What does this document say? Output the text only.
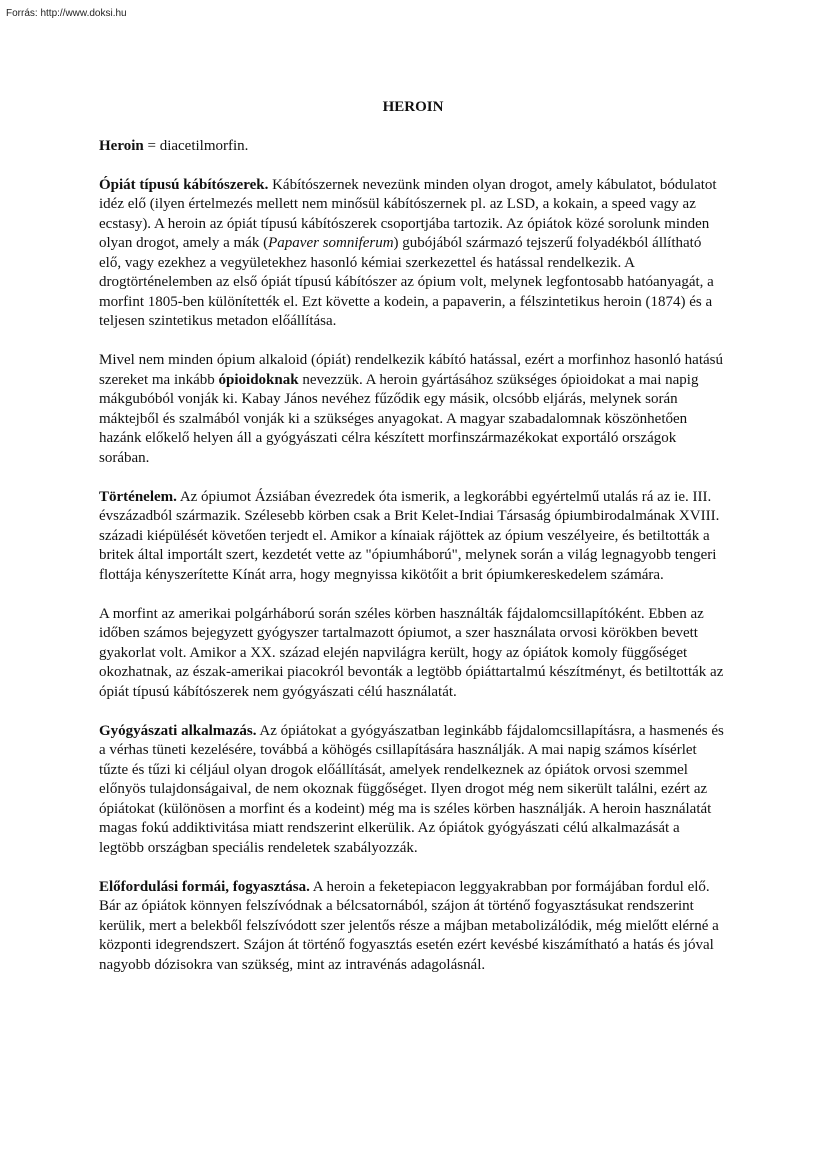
Forrás: http://www.doksi.hu
HEROIN

Heroin = diacetilmorfin.

Ópiát típusú kábítószerek. Kábítószernek nevezünk minden olyan drogot, amely kábulatot, bódulatot idéz elő (ilyen értelmezés mellett nem minősül kábítószernek pl. az LSD, a kokain, a speed vagy az ecstasy). A heroin az ópiát típusú kábítószerek csoportjába tartozik. Az ópiátok közé sorolunk minden olyan drogot, amely a mák (Papaver somniferum) gubójából származó tejszerű folyadékból állítható elő, vagy ezekhez a vegyületekhez hasonló kémiai szerkezettel és hatással rendelkezik. A drogtörténelemben az első ópiát típusú kábítószer az ópium volt, melynek legfontosabb hatóanyagát, a morfint 1805-ben különítették el. Ezt követte a kodein, a papaverin, a félszintetikus heroin (1874) és a teljesen szintetikus metadon előállítása.

Mivel nem minden ópium alkaloid (ópiát) rendelkezik kábító hatással, ezért a morfinhoz hasonló hatású szereket ma inkább ópioidoknak nevezzük. A heroin gyártásához szükséges ópioidokat a mai napig mákgubóból vonják ki. Kabay János nevéhez fűződik egy másik, olcsóbb eljárás, melynek során máktejből és szalmából vonják ki a szükséges anyagokat. A magyar szabadalomnak köszönhetően hazánk előkelő helyen áll a gyógyászati célra készített morfinszármazékokat exportáló országok sorában.

Történelem. Az ópiumot Ázsiában évezredek óta ismerik, a legkorábbi egyértelmű utalás rá az ie. III. évszázadból származik. Szélesebb körben csak a Brit Kelet-Indiai Társaság ópiumbirodalmának XVIII. századi kiépülését követően terjedt el. Amikor a kínaiak rájöttek az ópium veszélyeire, és betiltották a britek által importált szert, kezdetét vette az "ópiumháború", melynek során a világ legnagyobb tengeri flottája kényszerítette Kínát arra, hogy megnyissa kikötőit a brit ópiumkereskedelem számára.

A morfint az amerikai polgárháború során széles körben használták fájdalomcsillapítóként. Ebben az időben számos bejegyzett gyógyszer tartalmazott ópiumot, a szer használata orvosi körökben bevett gyakorlat volt. Amikor a XX. század elején napvilágra került, hogy az ópiátok komoly függőséget okozhatnak, az észak-amerikai piacokról bevonták a legtöbb ópiáttartalmú készítményt, és betiltották az ópiát típusú kábítószerek nem gyógyászati célú használatát.

Gyógyászati alkalmazás. Az ópiátokat a gyógyászatban leginkább fájdalomcsillapításra, a hasmenés és a vérhas tüneti kezelésére, továbbá a köhögés csillapítására használják. A mai napig számos kísérlet tűzte és tűzi ki céljául olyan drogok előállítását, amelyek rendelkeznek az ópiátok orvosi szemmel előnyös tulajdonságaival, de nem okoznak függőséget. Ilyen drogot még nem sikerült találni, ezért az ópiátokat (különösen a morfint és a kodeint) még ma is széles körben használják. A heroin használatát magas fokú addiktivitása miatt rendszerint elkerülik. Az ópiátok gyógyászati célú alkalmazását a legtöbb országban speciális rendeletek szabályozzák.

Előfordulási formái, fogyasztása. A heroin a feketepiacon leggyakrabban por formájában fordul elő. Bár az ópiátok könnyen felszívódnak a bélcsatornából, szájon át történő fogyasztásukat rendszerint kerülik, mert a belekből felszívódott szer jelentős része a májban metabolizálódik, még mielőtt elérné a központi idegrendszert. Szájon át történő fogyasztás esetén ezért kevésbé kiszámítható a hatás és jóval nagyobb dózisokra van szükség, mint az intravénás adagolásnál.
